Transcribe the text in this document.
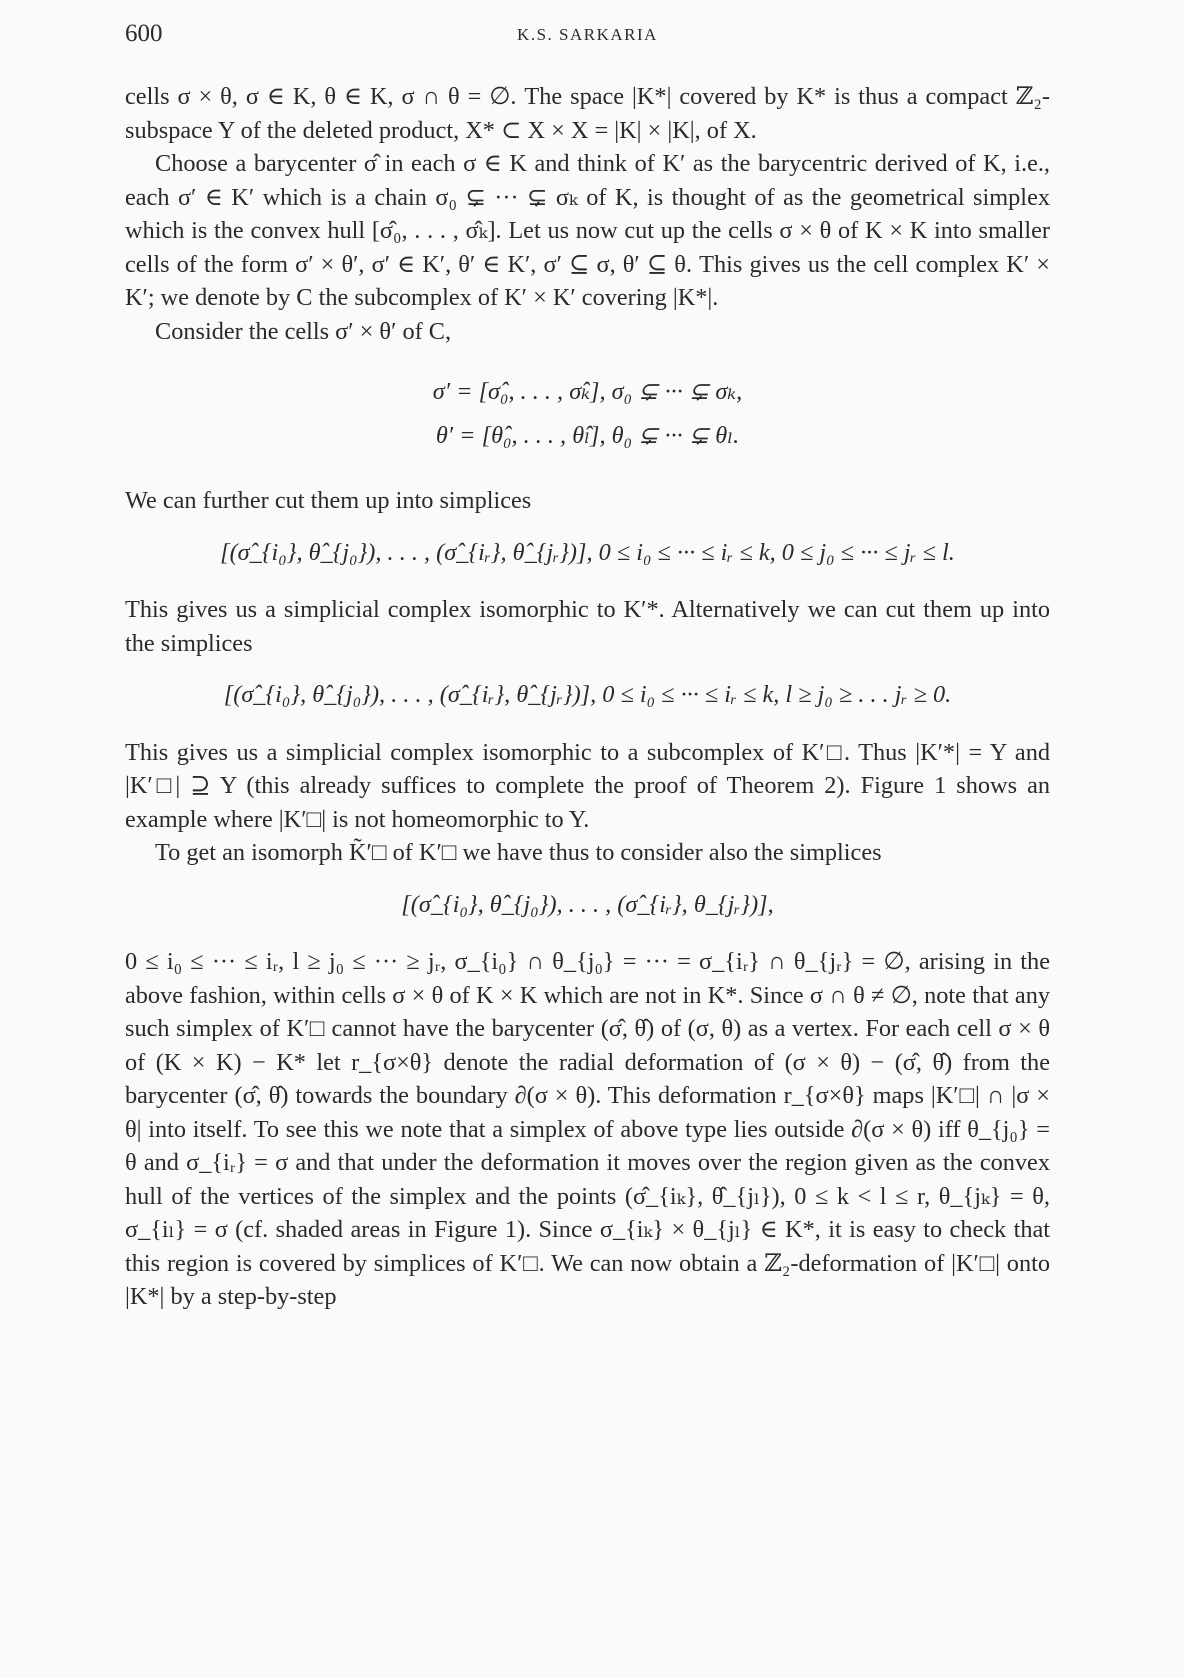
600	K.S. SARKARIA

cells σ × θ, σ ∈ K, θ ∈ K, σ ∩ θ = ∅. The space |K*| covered by K* is thus a compact ℤ₂-subspace Y of the deleted product, X* ⊂ X × X = |K| × |K|, of X.

Choose a barycenter σ̂ in each σ ∈ K and think of K′ as the barycentric derived of K, i.e., each σ′ ∈ K′ which is a chain σ₀ ⊊ ··· ⊊ σₖ of K, is thought of as the geometrical simplex which is the convex hull [σ̂₀, . . . , σ̂ₖ]. Let us now cut up the cells σ × θ of K × K into smaller cells of the form σ′ × θ′, σ′ ∈ K′, θ′ ∈ K′, σ′ ⊆ σ, θ′ ⊆ θ. This gives us the cell complex K′ × K′; we denote by C the subcomplex of K′ × K′ covering |K*|.

Consider the cells σ′ × θ′ of C,

σ′ = [σ̂₀, . . . , σ̂ₖ], σ₀ ⊊ ··· ⊊ σₖ,
θ′ = [θ̂₀, . . . , θ̂ₗ], θ₀ ⊊ ··· ⊊ θₗ.

We can further cut them up into simplices

[(σ̂_{i₀}, θ̂_{j₀}), . . . , (σ̂_{iᵣ}, θ̂_{jᵣ})], 0 ≤ i₀ ≤ ··· ≤ iᵣ ≤ k, 0 ≤ j₀ ≤ ··· ≤ jᵣ ≤ l.

This gives us a simplicial complex isomorphic to K′*. Alternatively we can cut them up into the simplices

[(σ̂_{i₀}, θ̂_{j₀}), . . . , (σ̂_{iᵣ}, θ̂_{jᵣ})], 0 ≤ i₀ ≤ ··· ≤ iᵣ ≤ k, l ≥ j₀ ≥ . . . jᵣ ≥ 0.

This gives us a simplicial complex isomorphic to a subcomplex of K′□. Thus |K′*| = Y and |K′□| ⊇ Y (this already suffices to complete the proof of Theorem 2). Figure 1 shows an example where |K′□| is not homeomorphic to Y.

To get an isomorph K̃′□ of K′□ we have thus to consider also the simplices

[(σ̂_{i₀}, θ̂_{j₀}), . . . , (σ̂_{iᵣ}, θ_{jᵣ})],

0 ≤ i₀ ≤ ··· ≤ iᵣ, l ≥ j₀ ≤ ··· ≥ jᵣ, σ_{i₀} ∩ θ_{j₀} = ··· = σ_{iᵣ} ∩ θ_{jᵣ} = ∅, arising in the above fashion, within cells σ × θ of K × K which are not in K*. Since σ ∩ θ ≠ ∅, note that any such simplex of K′□ cannot have the barycenter (σ̂, θ̂) of (σ, θ) as a vertex. For each cell σ × θ of (K × K) − K* let r_{σ×θ} denote the radial deformation of (σ × θ) − (σ̂, θ̂) from the barycenter (σ̂, θ̂) towards the boundary ∂(σ × θ). This deformation r_{σ×θ} maps |K′□| ∩ |σ × θ| into itself. To see this we note that a simplex of above type lies outside ∂(σ × θ) iff θ_{j₀} = θ and σ_{iᵣ} = σ and that under the deformation it moves over the region given as the convex hull of the vertices of the simplex and the points (σ̂_{iₖ}, θ̂_{jₗ}), 0 ≤ k < l ≤ r, θ_{jₖ} = θ, σ_{iₗ} = σ (cf. shaded areas in Figure 1). Since σ_{iₖ} × θ_{jₗ} ∈ K*, it is easy to check that this region is covered by simplices of K′□. We can now obtain a ℤ₂-deformation of |K′□| onto |K*| by a step-by-step
